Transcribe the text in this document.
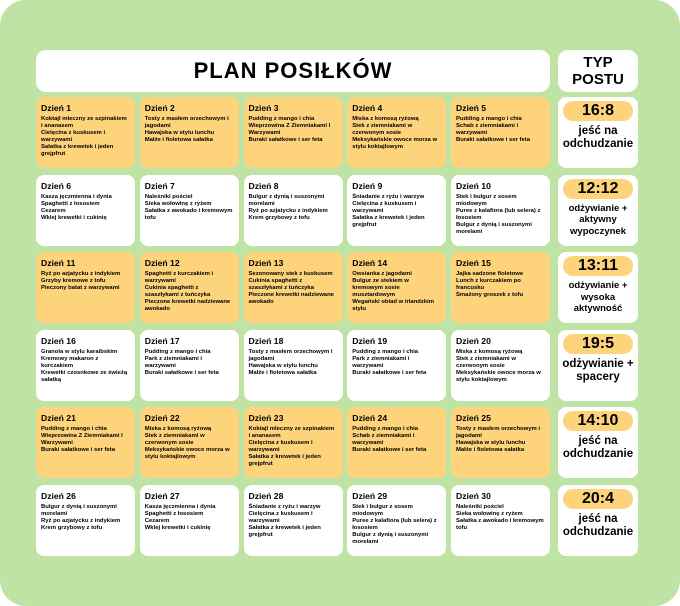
PLAN POSIŁKÓW	TYP
POSTU
Dzień 1
Koktajl mleczny ze szpinakiem i ananasem
Cielęcina z kuskusem i warzywami
Sałatka z krewetek i jeden grejpfrut
Dzień 2
Tosty z masłem orzechowym i jagodami
Hawajska w stylu lunchu
Małże i fioletowa sałatka
Dzień 3
Pudding z mango i chia
Wieprzowina Z Ziemniakami I Warzywami
Buraki sałatkowe i ser feta
Dzień 4
Miska z komosą ryżową
Stek z ziemniakami w czerwonym sosie
Meksykańskie owoce morza w stylu koktajlowym
Dzień 5
Pudding z mango i chia
Schab z ziemniakami i warzywami
Buraki sałatkowe i ser feta
Dzień 6
Kasza jęczmienna i dynia
Spaghetti z łososiem
Cezarem
Wklej krewetki i cukinię
Dzień 7
Naleśniki pościel
Sieka wołowinę z ryżem
Sałatka z awokado i kremowym tofu
Dzień 8
Bulgur z dynią i suszonymi morelami
Ryż po azjatycku z indykiem
Krem grzybowy z tofu
Dzień 9
Śniadanie z ryżu i warzyw
Cielęcina z kuskusem i warzywami
Sałatka z krewetek i jeden grejpfrut
Dzień 10
Stek i bulgur z sosem miodowym
Puree z kalafiora (lub selera) z łososiem
Bulgur z dynią i suszonymi morelami
Dzień 11
Ryż po azjatycku z indykiem
Grzyby kremowe z tofu
Pieczony batat z warzywami
Dzień 12
Spaghetti z kurczakiem i warzywami
Cukinia spaghetti z szaszłykami z tuńczyka
Pieczone krewetki nadziewane awokado
Dzień 13
Sezonowany stek z kuskusem
Cukinia spaghetti z szaszłykami z tuńczyka
Pieczone krewetki nadziewane awokado
Dzień 14
Owsianka z jagodami
Bulgur ze stekiem w kremowym sosie musztardowym
Wegański obiad w irlandzkim stylu
Dzień 15
Jajka sadzone fioletowe
Lunch z kurczakiem po francusku
Smażony groszek z tofu
Dzień 16
Granola w stylu karaibskim
Kremowy makaron z kurczakiem
Krewetki czosnkowe ze świeżą sałatką
Dzień 17
Pudding z mango i chia
Park z ziemniakami i warzywami
Buraki sałatkowe i ser feta
Dzień 18
Tosty z masłem orzechowym i jagodami
Hawajska w stylu lunchu
Małże i fioletowa sałatka
Dzień 19
Pudding z mango i chia
Park z ziemniakami i warzywami
Buraki sałatkowe i ser feta
Dzień 20
Miska z komosą ryżową
Stek z ziemniakami w czerwonym sosie
Meksykańskie owoce morza w stylu koktajlowym
Dzień 21
Pudding z mango i chia
Wieprzowina Z Ziemniakami I Warzywami
Buraki sałatkowe i ser feta
Dzień 22
Miska z komosą ryżową
Stek z ziemniakami w czerwonym sosie
Meksykańskie owoce morza w stylu koktajlowym
Dzień 23
Koktajl mleczny ze szpinakiem i ananasem
Cielęcina z kuskusem i warzywami
Sałatka z krewetek i jeden grejpfrut
Dzień 24
Pudding z mango i chia
Schab z ziemniakami i warzywami
Buraki sałatkowe i ser feta
Dzień 25
Tosty z masłem orzechowym i jagodami
Hawajska w stylu lunchu
Małże i fioletowa sałatka
Dzień 26
Bulgur z dynią i suszonymi morelami
Ryż po azjatycku z indykiem
Krem grzybowy z tofu
Dzień 27
Kasza jęczmienna i dynia
Spaghetti z łososiem
Cezarem
Wklej krewetki i cukinię
Dzień 28
Śniadanie z ryżu i warzyw
Cielęcina z kuskusem i warzywami
Sałatka z krewetek i jeden grejpfrut
Dzień 29
Stek i bulgur z sosem miodowym
Puree z kalafiora (lub selera) z łososiem
Bulgur z dynią i suszonymi morelami
Dzień 30
Naleśniki pościel
Sieka wołowinę z ryżem
Sałatka z awokado i kremowym tofu
16:8
jeść na odchudzanie
12:12
odżywianie + aktywny wypoczynek
13:11
odżywianie + wysoka aktywność
19:5
odżywianie + spacery
14:10
jeść na odchudzanie
20:4
jeść na odchudzanie
